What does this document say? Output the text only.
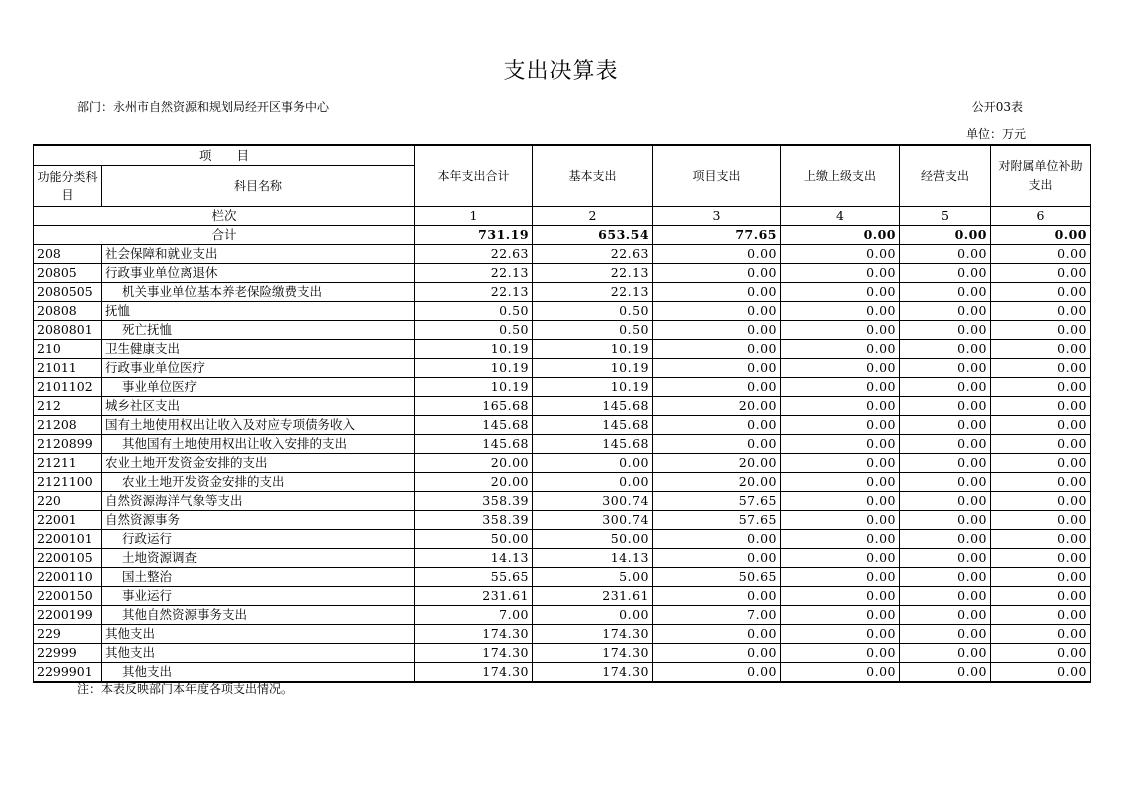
支出决算表
部门：永州市自然资源和规划局经开区事务中心	公开03表
单位：万元
项　　目		本年支出合计	基本支出	项目支出	上缴上级支出	经营支出	对附属单位补助支出
功能分类科目	科目名称						
栏次		1	2	3	4	5	6
合计		731.19	653.54	77.65	0.00	0.00	0.00
208	社会保障和就业支出	22.63	22.63	0.00	0.00	0.00	0.00
20805	行政事业单位离退休	22.13	22.13	0.00	0.00	0.00	0.00
2080505	机关事业单位基本养老保险缴费支出	22.13	22.13	0.00	0.00	0.00	0.00
20808	抚恤	0.50	0.50	0.00	0.00	0.00	0.00
2080801	死亡抚恤	0.50	0.50	0.00	0.00	0.00	0.00
210	卫生健康支出	10.19	10.19	0.00	0.00	0.00	0.00
21011	行政事业单位医疗	10.19	10.19	0.00	0.00	0.00	0.00
2101102	事业单位医疗	10.19	10.19	0.00	0.00	0.00	0.00
212	城乡社区支出	165.68	145.68	20.00	0.00	0.00	0.00
21208	国有土地使用权出让收入及对应专项债务收入	145.68	145.68	0.00	0.00	0.00	0.00
2120899	其他国有土地使用权出让收入安排的支出	145.68	145.68	0.00	0.00	0.00	0.00
21211	农业土地开发资金安排的支出	20.00	0.00	20.00	0.00	0.00	0.00
2121100	农业土地开发资金安排的支出	20.00	0.00	20.00	0.00	0.00	0.00
220	自然资源海洋气象等支出	358.39	300.74	57.65	0.00	0.00	0.00
22001	自然资源事务	358.39	300.74	57.65	0.00	0.00	0.00
2200101	行政运行	50.00	50.00	0.00	0.00	0.00	0.00
2200105	土地资源调查	14.13	14.13	0.00	0.00	0.00	0.00
2200110	国土整治	55.65	5.00	50.65	0.00	0.00	0.00
2200150	事业运行	231.61	231.61	0.00	0.00	0.00	0.00
2200199	其他自然资源事务支出	7.00	0.00	7.00	0.00	0.00	0.00
229	其他支出	174.30	174.30	0.00	0.00	0.00	0.00
22999	其他支出	174.30	174.30	0.00	0.00	0.00	0.00
2299901	其他支出	174.30	174.30	0.00	0.00	0.00	0.00
注：本表反映部门本年度各项支出情况。
